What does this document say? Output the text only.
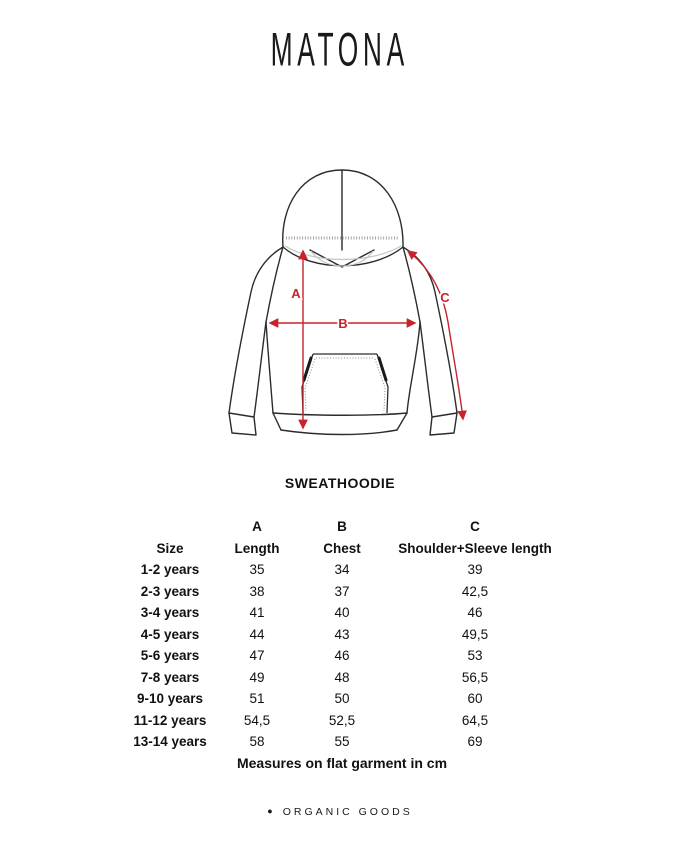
MATONA
A
B
C
SWEATHOODIE
	A	B	C
Size	Length	Chest	Shoulder+Sleeve length
1-2 years	35	34	39
2-3 years	38	37	42,5
3-4 years	41	40	46
4-5 years	44	43	49,5
5-6 years	47	46	53
7-8 years	49	48	56,5
9-10 years	51	50	60
11-12 years	54,5	52,5	64,5
13-14 years	58	55	69
Measures on flat garment in cm
● ORGANIC GOODS
